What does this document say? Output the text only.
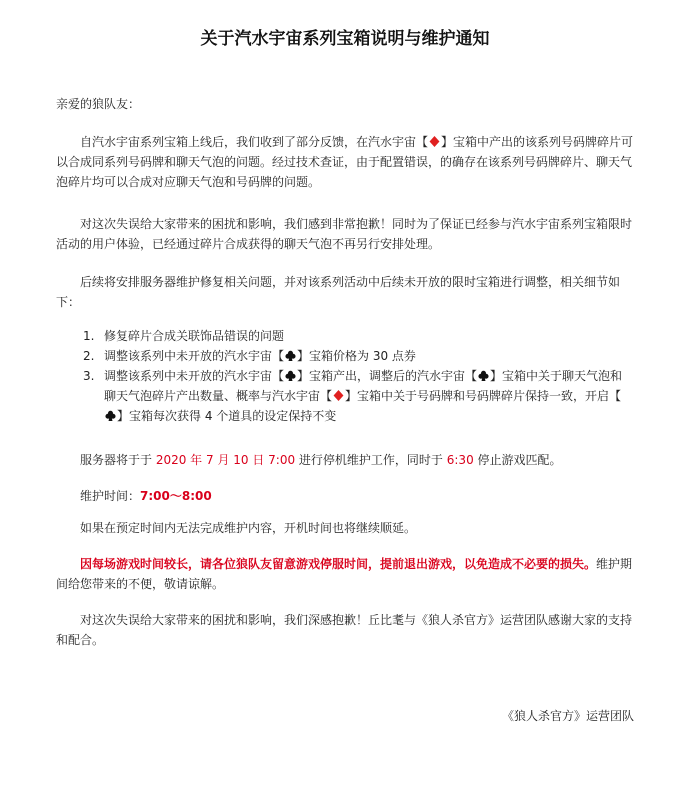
关于汽水宇宙系列宝箱说明与维护通知
亲爱的狼队友：
自汽水宇宙系列宝箱上线后，我们收到了部分反馈，在汽水宇宙【 】宝箱中产出的该系列号码牌碎片可以合成同系列号码牌和聊天气泡的问题。经过技术查证，由于配置错误，的确存在该系列号码牌碎片、聊天气泡碎片均可以合成对应聊天气泡和号码牌的问题。
对这次失误给大家带来的困扰和影响，我们感到非常抱歉！同时为了保证已经参与汽水宇宙系列宝箱限时活动的用户体验，已经通过碎片合成获得的聊天气泡不再另行安排处理。
后续将安排服务器维护修复相关问题，并对该系列活动中后续未开放的限时宝箱进行调整，相关细节如下：
1. 修复碎片合成关联饰品错误的问题
2. 调整该系列中未开放的汽水宇宙【 】宝箱价格为 30 点券
3. 调整该系列中未开放的汽水宇宙【 】宝箱产出，调整后的汽水宇宙【 】宝箱中关于聊天气泡和聊天气泡碎片产出数量、概率与汽水宇宙【 】宝箱中关于号码牌和号码牌碎片保持一致，开启【
】宝箱每次获得 4 个道具的设定保持不变
服务器将于于 2020 年 7 月 10 日 7:00 进行停机维护工作，同时于 6:30 停止游戏匹配。
维护时间：7:00～8:00
如果在预定时间内无法完成维护内容，开机时间也将继续顺延。
因每场游戏时间较长，请各位狼队友留意游戏停服时间，提前退出游戏，以免造成不必要的损失。维护期间给您带来的不便，敬请谅解。
对这次失误给大家带来的困扰和影响，我们深感抱歉！丘比耄与《狼人杀官方》运营团队感谢大家的支持和配合。
《狼人杀官方》运营团队
